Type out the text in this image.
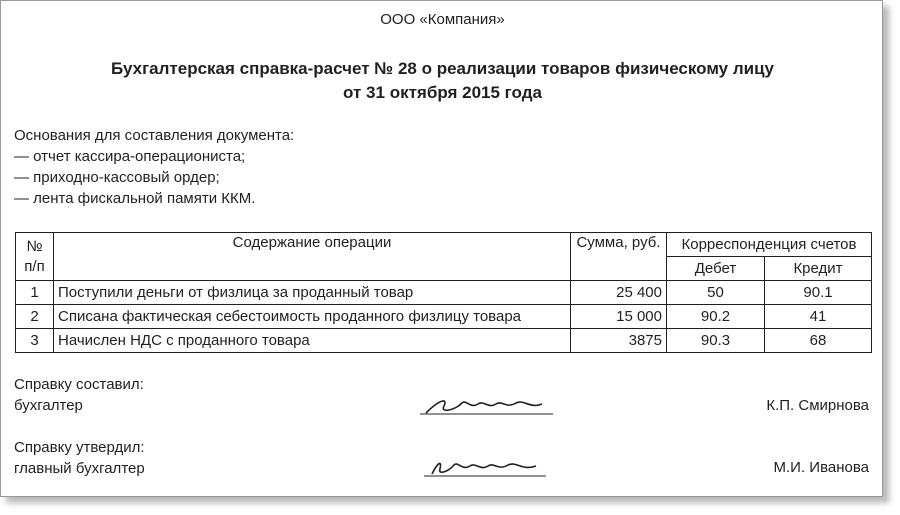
ООО «Компания»
Бухгалтерская справка-расчет № 28 о реализации товаров физическому лицу
от 31 октября 2015 года
Основания для составления документа:
— отчет кассира-операциониста;
— приходно-кассовый ордер;
— лента фискальной памяти ККМ.
№
п/п	Содержание операции	Сумма, руб.	Корреспонденция счетов	
			Дебет	Кредит
1	Поступили деньги от физлица за проданный товар	25 400	50	90.1
2	Списана фактическая себестоимость проданного физлицу товара	15 000	90.2	41
3	Начислен НДС с проданного товара	3875	90.3	68
Справку составил:
бухгалтер	К.П. Смирнова
Справку утвердил:
главный бухгалтер	М.И. Иванова
